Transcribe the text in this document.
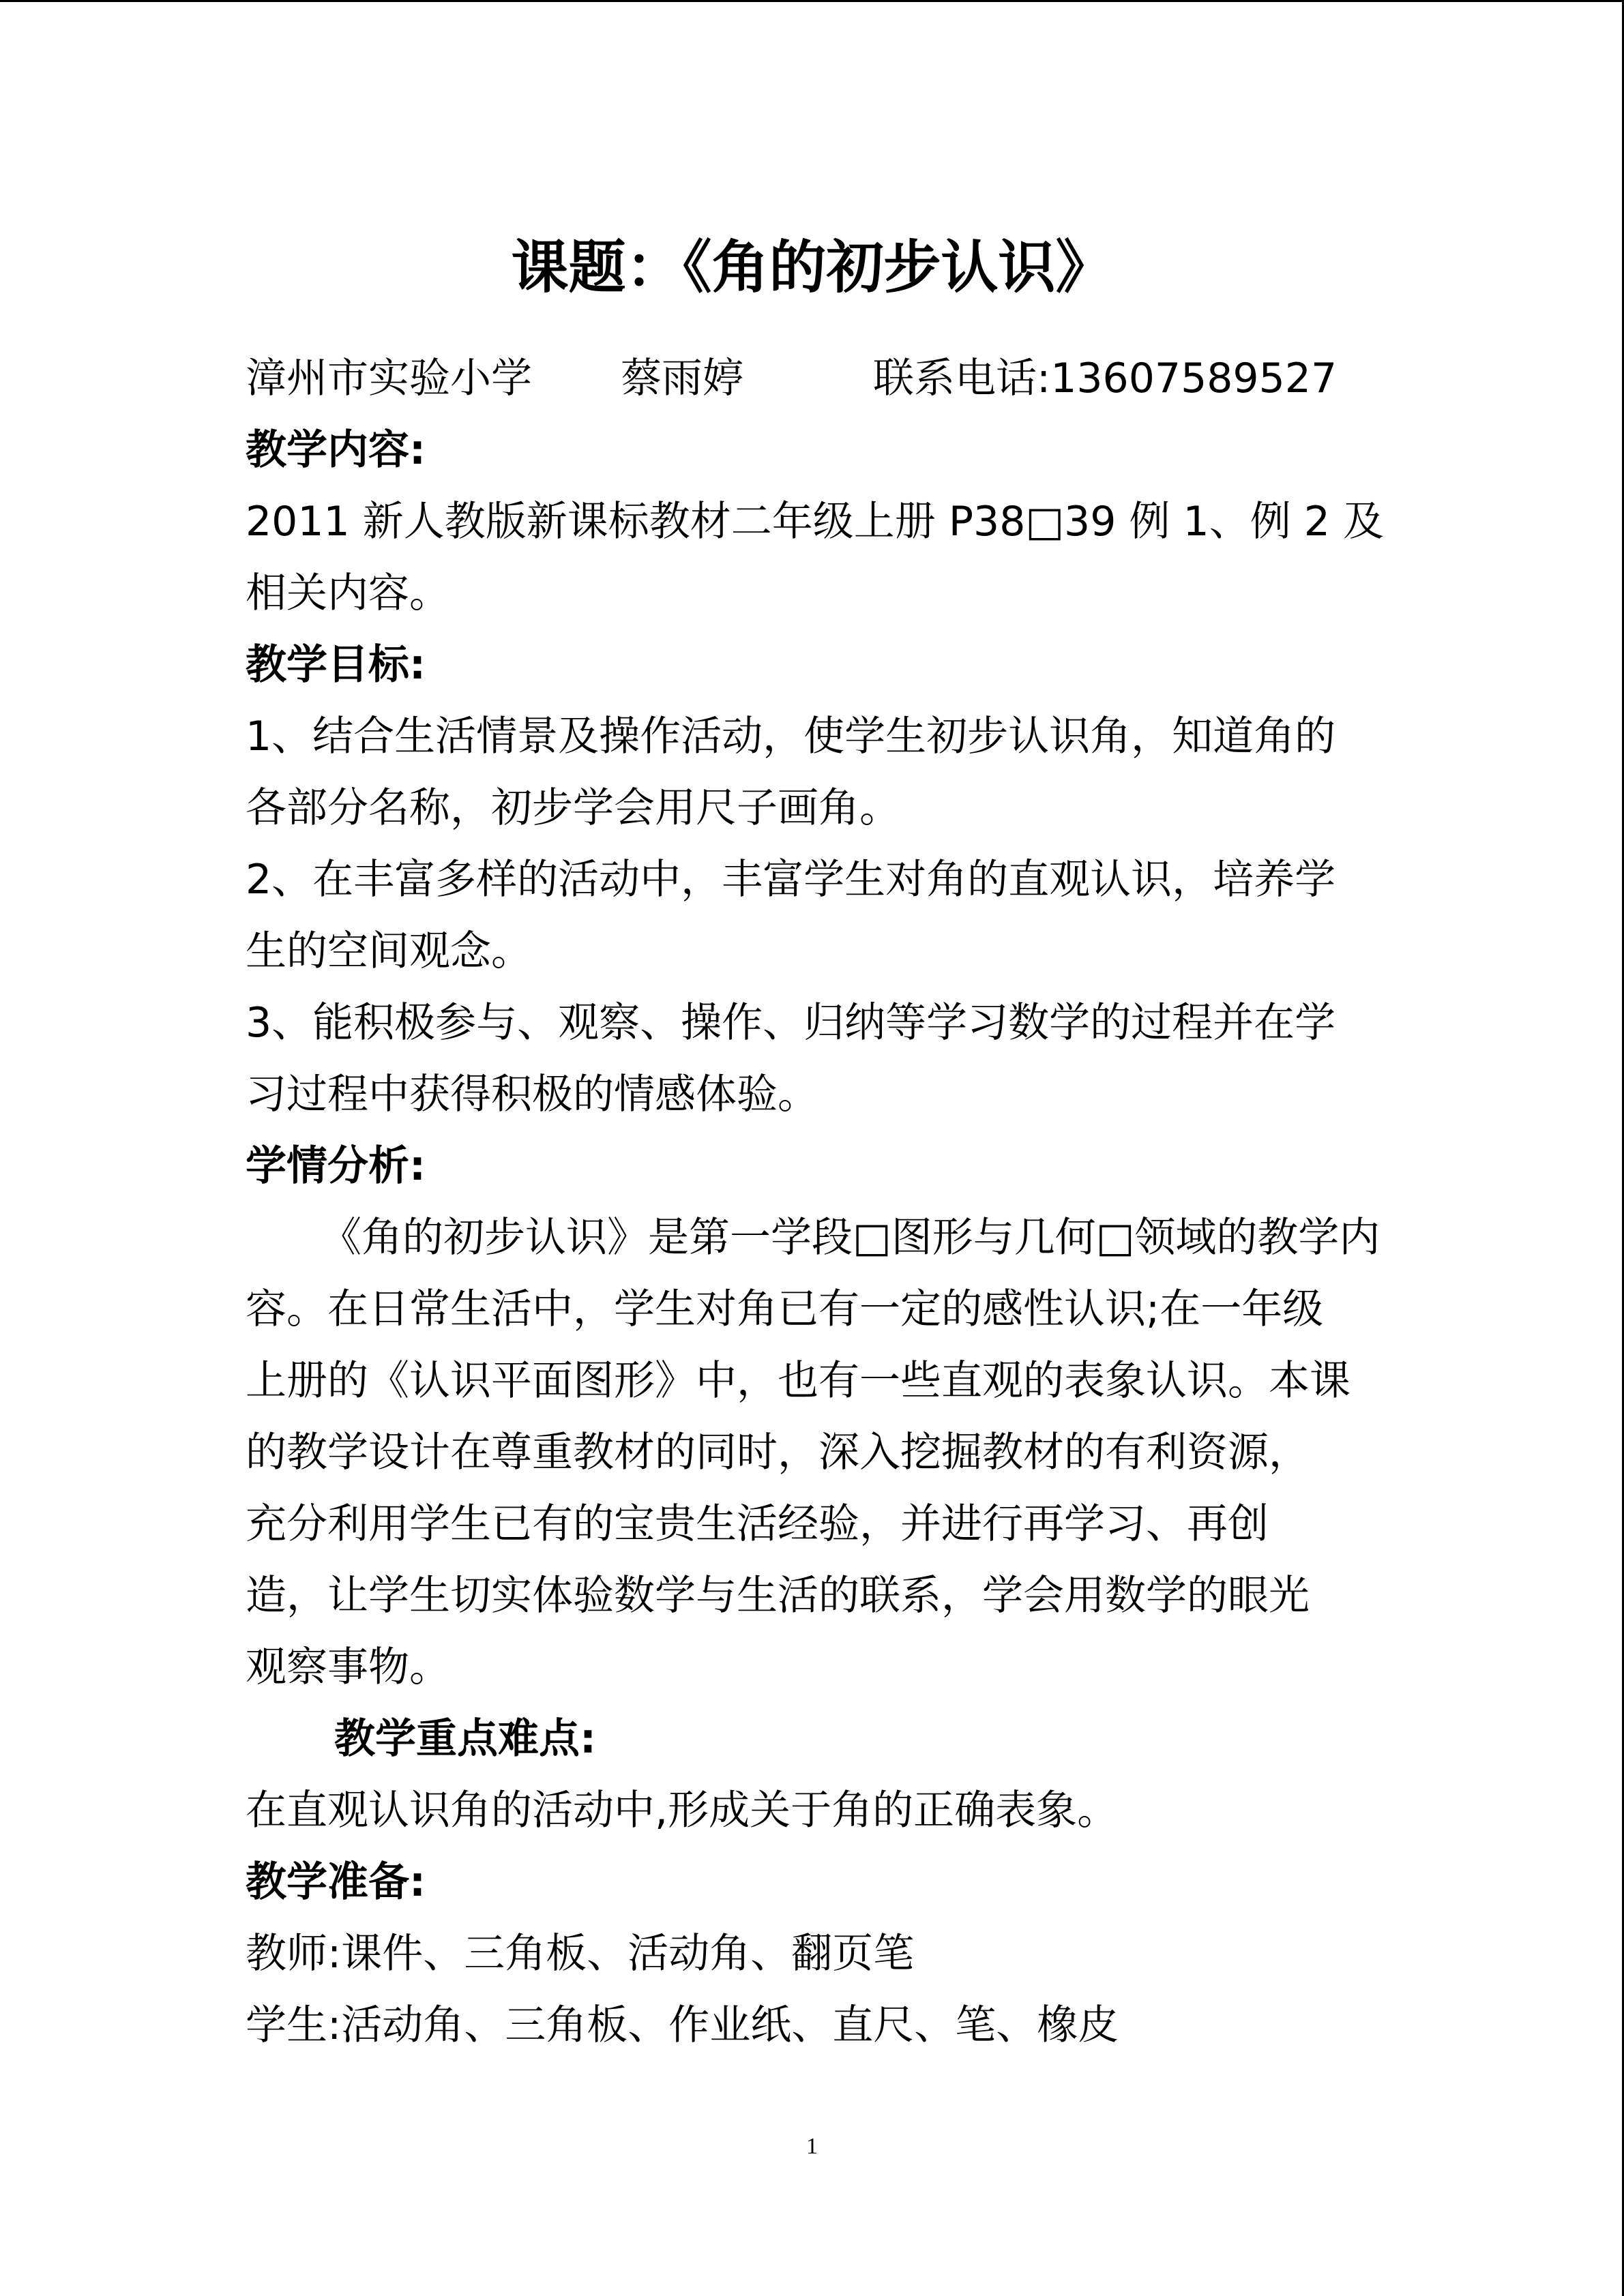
课题：《角的初步认识》
漳州市实验小学 蔡雨婷	联系电话:13607589527
教学内容:
2011 新人教版新课标教材二年级上册 P38□39 例 1、例 2 及
相关内容。
教学目标:
1、结合生活情景及操作活动，使学生初步认识角，知道角的
各部分名称，初步学会用尺子画角。
2、在丰富多样的活动中，丰富学生对角的直观认识，培养学
生的空间观念。
3、能积极参与、观察、操作、归纳等学习数学的过程并在学
习过程中获得积极的情感体验。
学情分析:
《角的初步认识》是第一学段□图形与几何□领域的教学内
容。在日常生活中，学生对角已有一定的感性认识;在一年级
上册的《认识平面图形》中，也有一些直观的表象认识。本课
的教学设计在尊重教材的同时，深入挖掘教材的有利资源，
充分利用学生已有的宝贵生活经验，并进行再学习、再创
造，让学生切实体验数学与生活的联系，学会用数学的眼光
观察事物。
教学重点难点:
在直观认识角的活动中,形成关于角的正确表象。
教学准备:
教师:课件、三角板、活动角、翻页笔
学生:活动角、三角板、作业纸、直尺、笔、橡皮
1
